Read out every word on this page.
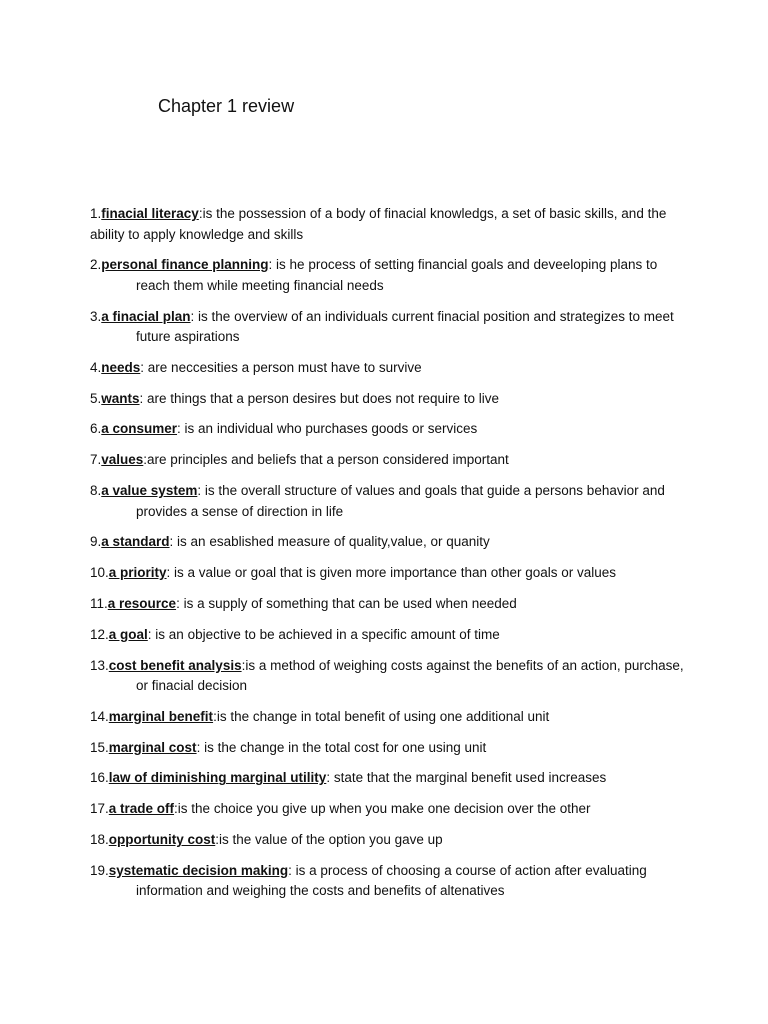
Chapter 1 review
1.finacial literacy:is the possession of a body of finacial knowledgs, a set of basic skills, and the ability to apply knowledge and skills
2.personal finance planning: is he process of setting financial goals and deveeloping plans to reach them while meeting financial needs
3.a finacial plan: is the overview of an individuals current finacial position and strategizes to meet future aspirations
4.needs: are neccesities a person must have to survive
5.wants: are things that a person desires but does not require to live
6.a consumer: is an individual who purchases goods or services
7.values:are principles and beliefs that a person considered important
8.a value system: is the overall structure of values and goals that guide a persons behavior and provides a sense of direction in life
9.a standard: is an esablished measure of quality,value, or quanity
10.a priority: is a value or goal that is given more importance than other goals or values
11.a resource: is a supply of something that can be used when needed
12.a goal: is an objective to be achieved in a specific amount of time
13.cost benefit analysis:is a method of weighing costs against the benefits of an action, purchase, or finacial decision
14.marginal benefit:is the change in total benefit of using one additional unit
15.marginal cost: is the change in the total cost for one using unit
16.law of diminishing marginal utility: state that the marginal benefit used increases
17.a trade off:is the choice you give up when you make one decision over the other
18.opportunity cost:is the value of the option you gave up
19.systematic decision making: is a process of choosing a course of action after evaluating information and weighing the costs and benefits of altenatives
